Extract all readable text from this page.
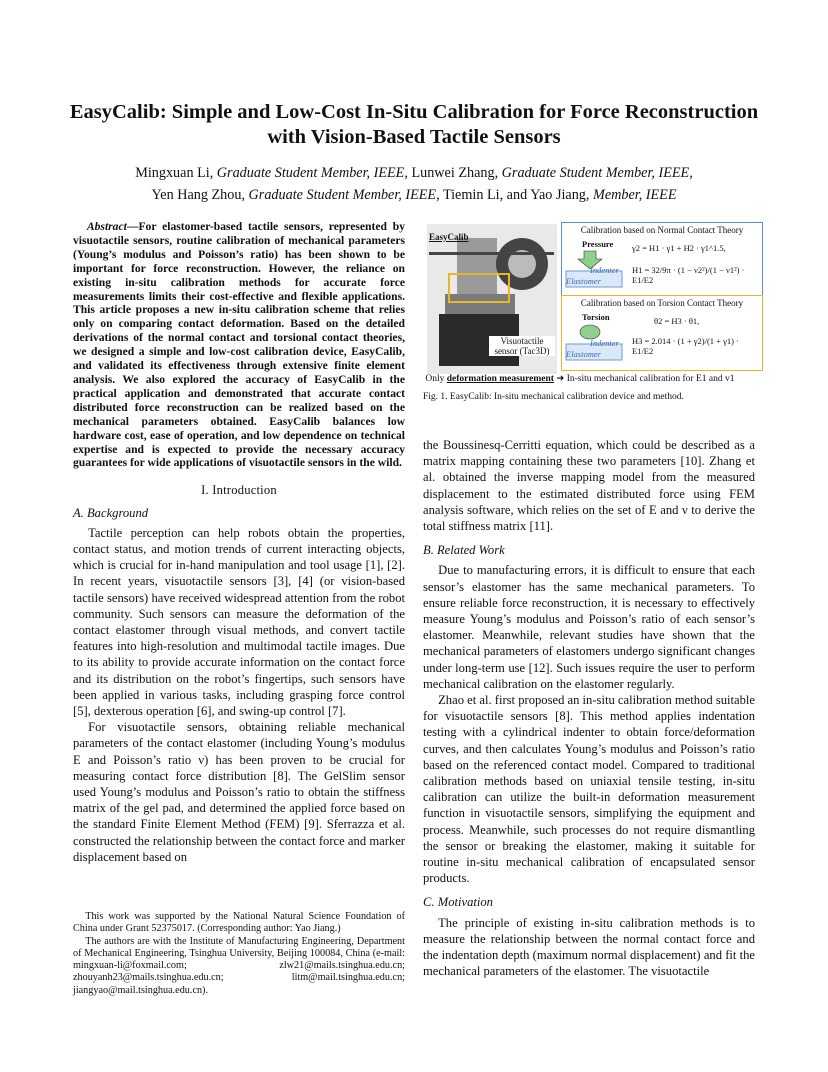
EasyCalib: Simple and Low-Cost In-Situ Calibration for Force Reconstruction with Vision-Based Tactile Sensors
Mingxuan Li, Graduate Student Member, IEEE, Lunwei Zhang, Graduate Student Member, IEEE,
Yen Hang Zhou, Graduate Student Member, IEEE, Tiemin Li, and Yao Jiang, Member, IEEE

Abstract—For elastomer-based tactile sensors, represented by visuotactile sensors, routine calibration of mechanical parameters (Young’s modulus and Poisson’s ratio) has been shown to be important for force reconstruction. However, the reliance on existing in-situ calibration methods for accurate force measurements limits their cost-effective and flexible applications. This article proposes a new in-situ calibration scheme that relies only on comparing contact deformation. Based on the detailed derivations of the normal contact and torsional contact theories, we designed a simple and low-cost calibration device, EasyCalib, and validated its effectiveness through extensive finite element analysis. We also explored the accuracy of EasyCalib in the practical application and demonstrated that accurate contact distributed force reconstruction can be realized based on the mechanical parameters obtained. EasyCalib balances low hardware cost, ease of operation, and low dependence on technical expertise and is expected to provide the necessary accuracy guarantees for wide applications of visuotactile sensors in the wild.

I. Introduction
A. Background

Tactile perception can help robots obtain the properties, contact status, and motion trends of current interacting objects, which is crucial for in-hand manipulation and tool usage [1], [2]. In recent years, visuotactile sensors [3], [4] (or vision-based tactile sensors) have received widespread attention from the robot community. Such sensors can measure the deformation of the contact elastomer through visual methods, and convert tactile features into high-resolution and multimodal tactile images. Due to its ability to provide accurate information on the contact force and its distribution on the robot’s fingertips, such sensors have been applied in various tasks, including grasping force control [5], dexterous operation [6], and swing-up control [7].

For visuotactile sensors, obtaining reliable mechanical parameters of the contact elastomer (including Young’s modulus E and Poisson’s ratio ν) has been proven to be crucial for measuring contact force distribution [8]. The GelSlim sensor used Young’s modulus and Poisson’s ratio to obtain the stiffness matrix of the gel pad, and determined the applied force based on the standard Finite Element Method (FEM) [9]. Sferrazza et al. constructed the relationship between the contact force and marker displacement based on

This work was supported by the National Natural Science Foundation of China under Grant 52375017. (Corresponding author: Yao Jiang.)

The authors are with the Institute of Manufacturing Engineering, Department of Mechanical Engineering, Tsinghua University, Beijing 100084, China (e-mail: mingxuan-li@foxmail.com; zlw21@mails.tsinghua.edu.cn; zhouyanh23@mails.tsinghua.edu.cn; litm@mail.tsinghua.edu.cn; jiangyao@mail.tsinghua.edu.cn).

EasyCalib
Visuotactile sensor (Tac3D)
Calibration based on Normal Contact Theory
Pressure
Indenter
Elastomer
γ2 = H1 · γ1 + H2 · γ1^1.5,
H1 = 32/9π · (1 − ν2²)/(1 − ν1²) · E1/E2
Calibration based on Torsion Contact Theory
Torsion
Indenter
Elastomer
θ2 = H3 · θ1,
H3 = 2.014 · (1 + γ2)/(1 + γ1) · E1/E2
Only deformation measurement ➜ In-situ mechanical calibration for E1 and v1
Fig. 1. EasyCalib: In-situ mechanical calibration device and method.

the Boussinesq-Cerritti equation, which could be described as a matrix mapping containing these two parameters [10]. Zhang et al. obtained the inverse mapping model from the measured displacement to the estimated distributed force using FEM analysis software, which relies on the set of E and ν to derive the total stiffness matrix [11].

B. Related Work

Due to manufacturing errors, it is difficult to ensure that each sensor’s elastomer has the same mechanical parameters. To ensure reliable force reconstruction, it is necessary to effectively measure Young’s modulus and Poisson’s ratio of each sensor’s elastomer. Meanwhile, relevant studies have shown that the mechanical parameters of elastomers undergo significant changes under long-term use [12]. Such issues require the user to perform mechanical calibration on the elastomer regularly.

Zhao et al. first proposed an in-situ calibration method suitable for visuotactile sensors [8]. This method applies indentation testing with a cylindrical indenter to obtain force/deformation curves, and then calculates Young’s modulus and Poisson’s ratio based on the referenced contact model. Compared to traditional calibration methods based on uniaxial tensile testing, in-situ calibration can utilize the built-in deformation measurement function in visuotactile sensors, simplifying the equipment and process. Meanwhile, such processes do not require dismantling the sensor or breaking the elastomer, making it suitable for routine in-situ mechanical calibration of encapsulated sensor products.

C. Motivation

The principle of existing in-situ calibration methods is to measure the relationship between the normal contact force and the indentation depth (maximum normal displacement) and fit the mechanical parameters of the elastomer. The visuotactile
